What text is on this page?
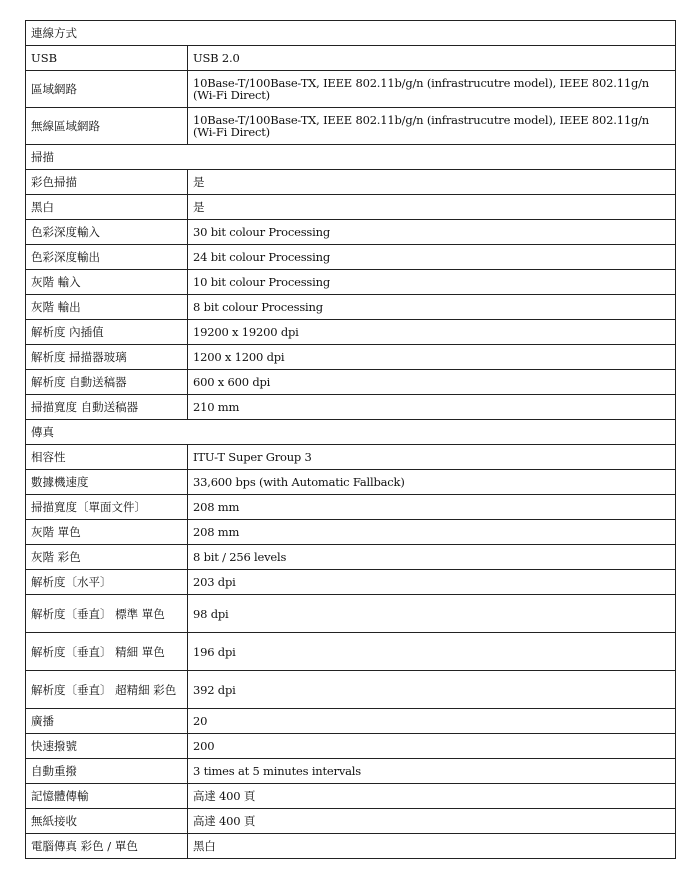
連線方式	
USB	USB 2.0
區域網路	10Base-T/100Base-TX, IEEE 802.11b/g/n (infrastrucutre model), IEEE 802.11g/n (Wi-Fi Direct)
無線區域網路	10Base-T/100Base-TX, IEEE 802.11b/g/n (infrastrucutre model), IEEE 802.11g/n (Wi-Fi Direct)
掃描	
彩色掃描	是
黑白	是
色彩深度輸入	30 bit colour Processing
色彩深度輸出	24 bit colour Processing
灰階 輸入	10 bit colour Processing
灰階 輸出	8 bit colour Processing
解析度 內插值	19200 x 19200 dpi
解析度 掃描器玻璃	1200 x 1200 dpi
解析度 自動送稿器	600 x 600 dpi
掃描寬度 自動送稿器	210 mm
傳真	
相容性	ITU-T Super Group 3
數據機速度	33,600 bps (with Automatic Fallback)
掃描寬度〔單面文件〕	208 mm
灰階 單色	208 mm
灰階 彩色	8 bit / 256 levels
解析度〔水平〕	203 dpi
解析度〔垂直〕 標準 單色	98 dpi
解析度〔垂直〕 精細 單色	196 dpi
解析度〔垂直〕 超精細 彩色	392 dpi
廣播	20
快速撥號	200
自動重撥	3 times at 5 minutes intervals
記憶體傳輸	高達 400 頁
無紙接收	高達 400 頁
電腦傳真 彩色 / 單色	黑白
